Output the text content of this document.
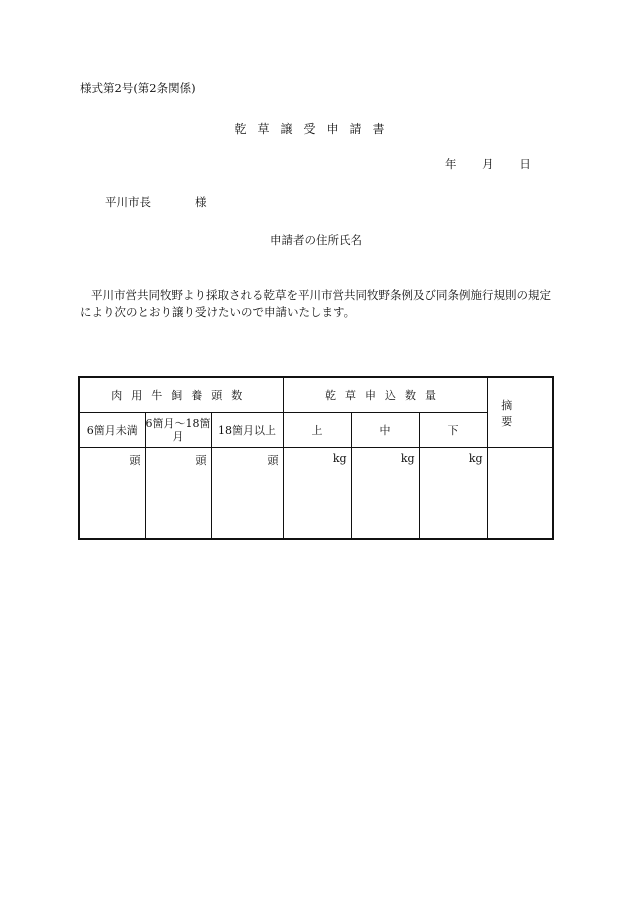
様式第2号(第2条関係)
乾草譲受申請書
年 月 日
平川市長	様
申請者の住所氏名
平川市営共同牧野より採取される乾草を平川市営共同牧野条例及び同条例施行規則の規定により次のとおり譲り受けたいので申請いたします。
肉用牛飼養頭数			乾草申込数量			摘要
6箇月未満	6箇月～18箇月	18箇月以上	上	中	下	
頭	頭	頭	kg	kg	kg	
